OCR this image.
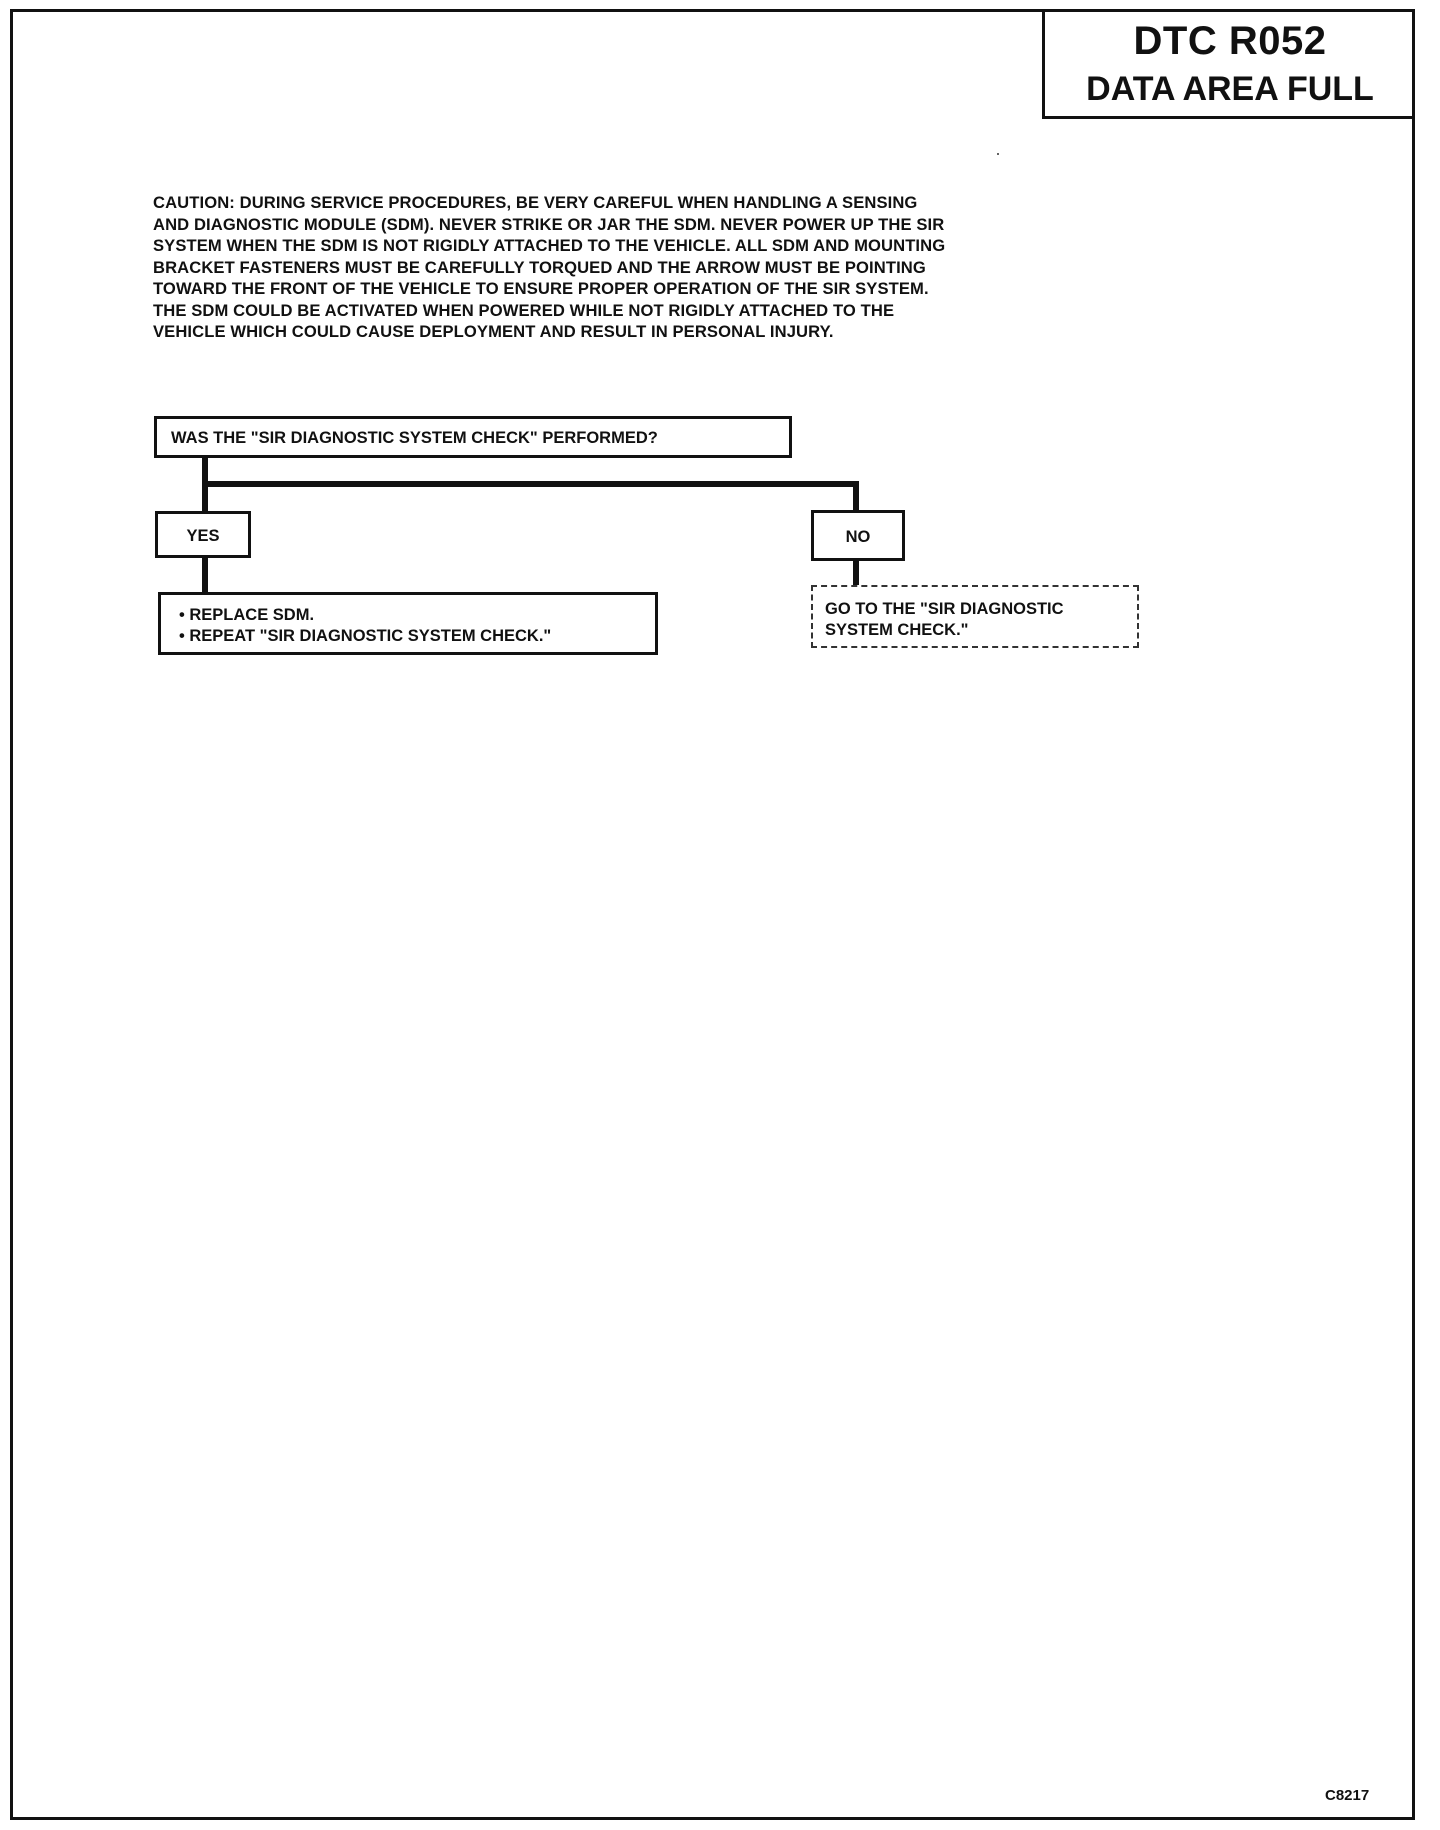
DTC R052
DATA AREA FULL
CAUTION: DURING SERVICE PROCEDURES, BE VERY CAREFUL WHEN HANDLING A SENSING
AND DIAGNOSTIC MODULE (SDM). NEVER STRIKE OR JAR THE SDM. NEVER POWER UP THE SIR
SYSTEM WHEN THE SDM IS NOT RIGIDLY ATTACHED TO THE VEHICLE. ALL SDM AND MOUNTING
BRACKET FASTENERS MUST BE CAREFULLY TORQUED AND THE ARROW MUST BE POINTING
TOWARD THE FRONT OF THE VEHICLE TO ENSURE PROPER OPERATION OF THE SIR SYSTEM.
THE SDM COULD BE ACTIVATED WHEN POWERED WHILE NOT RIGIDLY ATTACHED TO THE
VEHICLE WHICH COULD CAUSE DEPLOYMENT AND RESULT IN PERSONAL INJURY.
WAS THE "SIR DIAGNOSTIC SYSTEM CHECK" PERFORMED?
YES	NO
• REPLACE SDM.
• REPEAT "SIR DIAGNOSTIC SYSTEM CHECK."
GO TO THE "SIR DIAGNOSTIC
SYSTEM CHECK."
C8217
